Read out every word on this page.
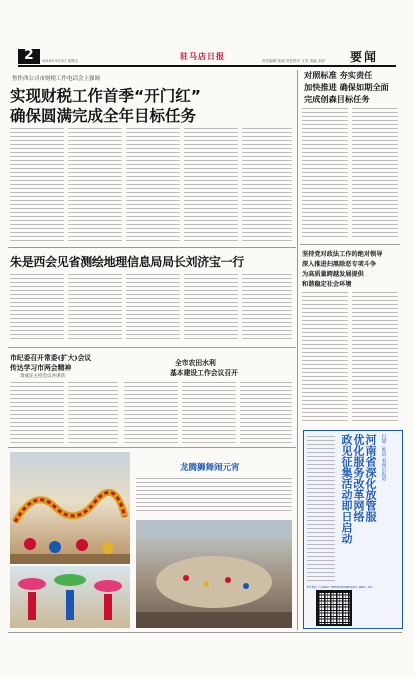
2 2018年3月2日 星期五	驻马店日报	责任编辑 张丽 责任校对 王芳 美编 刘洋 要闻
焦作西公司市财税工作电话会上强调
实现财税工作首季“开门红”
确保圆满完成全年目标任务
对照标准 夯实责任
加快推进 确保如期全面
完成创森目标任务
朱是西会见省测绘地理信息局局长刘济宝一行
坚持党对政法工作的绝对领导
深入推进扫黑除恶专项斗争
为高质量跨越发展提供
和谐稳定社会环境
市纪委召开常委(扩大)会议
传达学习市两会精神
余成定主持会议并讲话
全市农田水利
基本建设工作会议召开
龙腾狮舞闹元宵	扫描二维码 看网页报道
河南省深化放管服
优化服务改革网络
政见征集活动即日启动
http://www.henanxuanyan.gov.cn
